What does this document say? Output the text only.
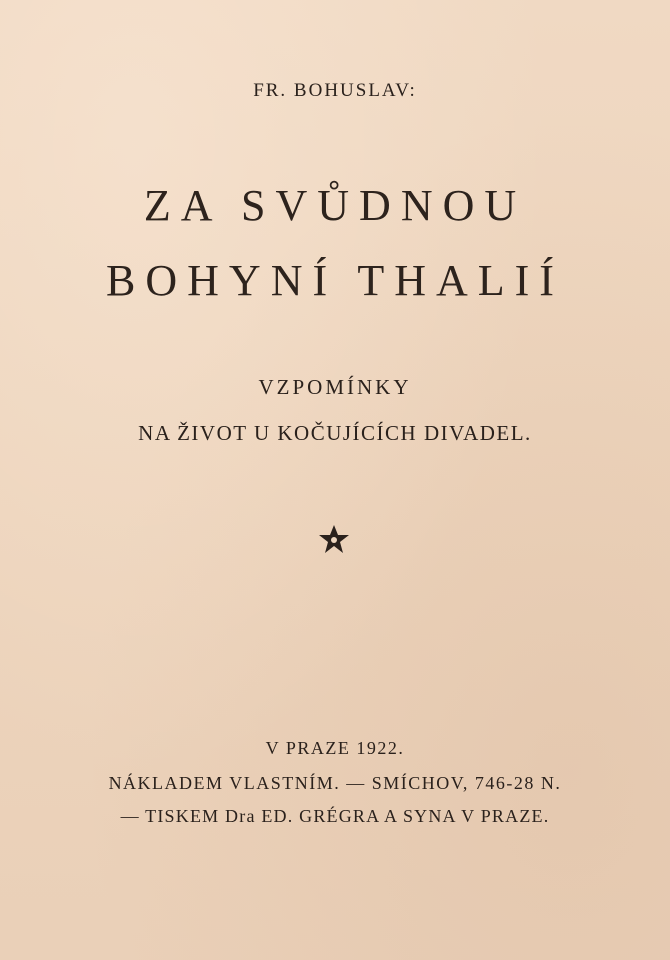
FR. BOHUSLAV:
ZA SVŮDNOU
BOHYNÍ THALIÍ
VZPOMÍNKY
NA ŽIVOT U KOČUJÍCÍCH DIVADEL.
V PRAZE 1922.
NÁKLADEM VLASTNÍM. — SMÍCHOV, 746-28 N.
— TISKEM Dra ED. GRÉGRA A SYNA V PRAZE.
